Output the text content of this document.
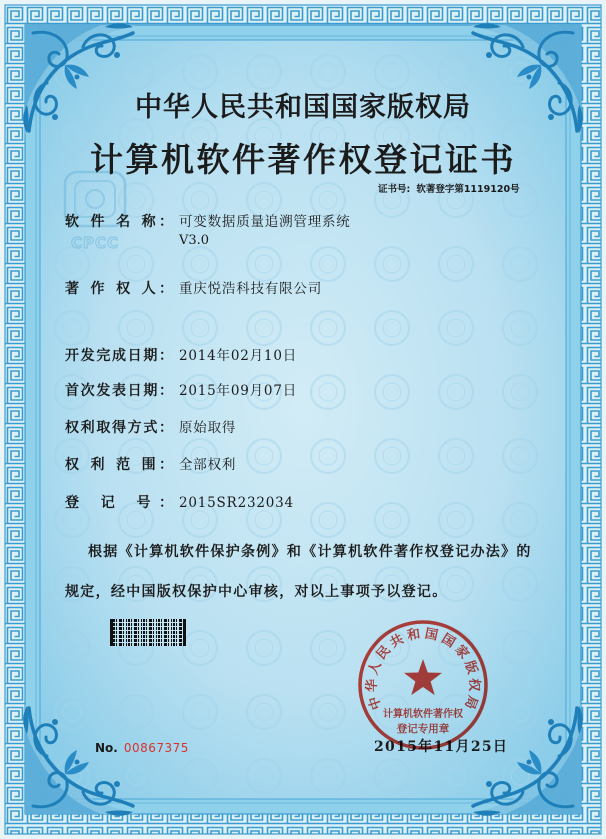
CPCC
中华人民共和国国家版权局
计算机软件著作权登记证书
证书号: 软著登字第1119120号
软 件 名 称： 可变数据质量追溯管理系统
V3.0
著 作 权 人： 重庆悦浩科技有限公司
开发完成日期： 2014年02月10日
首次发表日期： 2015年09月07日
权利取得方式： 原始取得
权 利 范 围： 全部权利
登 记 号： 2015SR232034
根据《计算机软件保护条例》和《计算机软件著作权登记办法》的
规定，经中国版权保护中心审核，对以上事项予以登记。
No. 00867375	2015年11月25日
中华人民共和国国家版权局
计算机软件著作权
登记专用章
